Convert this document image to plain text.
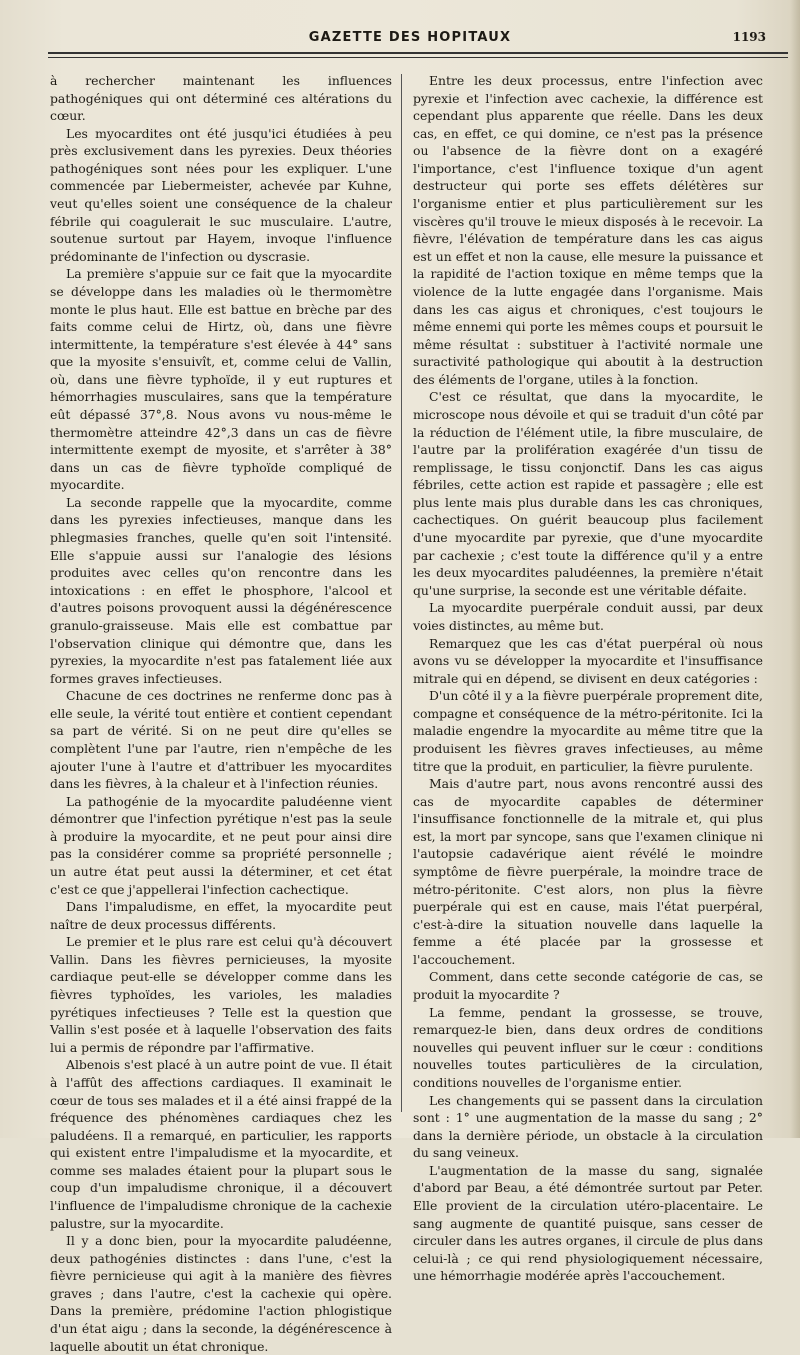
GAZETTE DES HOPITAUX	1193

à rechercher maintenant les influences pathogéniques qui ont déterminé ces altérations du cœur.

Les myocardites ont été jusqu'ici étudiées à peu près exclusivement dans les pyrexies. Deux théories pathogéniques sont nées pour les expliquer. L'une commencée par Liebermeister, achevée par Kuhne, veut qu'elles soient une conséquence de la chaleur fébrile qui coagulerait le suc musculaire. L'autre, soutenue surtout par Hayem, invoque l'influence prédominante de l'infection ou dyscrasie.

La première s'appuie sur ce fait que la myocardite se développe dans les maladies où le thermomètre monte le plus haut. Elle est battue en brèche par des faits comme celui de Hirtz, où, dans une fièvre intermittente, la température s'est élevée à 44° sans que la myosite s'ensuivît, et, comme celui de Vallin, où, dans une fièvre typhoïde, il y eut ruptures et hémorrhagies musculaires, sans que la température eût dépassé 37°,8. Nous avons vu nous-même le thermomètre atteindre 42°,3 dans un cas de fièvre intermittente exempt de myosite, et s'arrêter à 38° dans un cas de fièvre typhoïde compliqué de myocardite.

La seconde rappelle que la myocardite, comme dans les pyrexies infectieuses, manque dans les phlegmasies franches, quelle qu'en soit l'intensité. Elle s'appuie aussi sur l'analogie des lésions produites avec celles qu'on rencontre dans les intoxications : en effet le phosphore, l'alcool et d'autres poisons provoquent aussi la dégénérescence granulo-graisseuse. Mais elle est combattue par l'observation clinique qui démontre que, dans les pyrexies, la myocardite n'est pas fatalement liée aux formes graves infectieuses.

Chacune de ces doctrines ne renferme donc pas à elle seule, la vérité tout entière et contient cependant sa part de vérité. Si on ne peut dire qu'elles se complètent l'une par l'autre, rien n'empêche de les ajouter l'une à l'autre et d'attribuer les myocardites dans les fièvres, à la chaleur et à l'infection réunies.

La pathogénie de la myocardite paludéenne vient démontrer que l'infection pyrétique n'est pas la seule à produire la myocardite, et ne peut pour ainsi dire pas la considérer comme sa propriété personnelle ; un autre état peut aussi la déterminer, et cet état c'est ce que j'appellerai l'infection cachectique.

Dans l'impaludisme, en effet, la myocardite peut naître de deux processus différents.

Le premier et le plus rare est celui qu'à découvert Vallin. Dans les fièvres pernicieuses, la myosite cardiaque peut-elle se développer comme dans les fièvres typhoïdes, les varioles, les maladies pyrétiques infectieuses ? Telle est la question que Vallin s'est posée et à laquelle l'observation des faits lui a permis de répondre par l'affirmative.

Albenois s'est placé à un autre point de vue. Il était à l'affût des affections cardiaques. Il examinait le cœur de tous ses malades et il a été ainsi frappé de la fréquence des phénomènes cardiaques chez les paludéens. Il a remarqué, en particulier, les rapports qui existent entre l'impaludisme et la myocardite, et comme ses malades étaient pour la plupart sous le coup d'un impaludisme chronique, il a découvert l'influence de l'impaludisme chronique de la cachexie palustre, sur la myocardite.

Il y a donc bien, pour la myocardite paludéenne, deux pathogénies distinctes : dans l'une, c'est la fièvre pernicieuse qui agit à la manière des fièvres graves ; dans l'autre, c'est la cachexie qui opère. Dans la première, prédomine l'action phlogistique d'un état aigu ; dans la seconde, la dégénérescence à laquelle aboutit un état chronique.

Entre les deux processus, entre l'infection avec pyrexie et l'infection avec cachexie, la différence est cependant plus apparente que réelle. Dans les deux cas, en effet, ce qui domine, ce n'est pas la présence ou l'absence de la fièvre dont on a exagéré l'importance, c'est l'influence toxique d'un agent destructeur qui porte ses effets délétères sur l'organisme entier et plus particulièrement sur les viscères qu'il trouve le mieux disposés à le recevoir. La fièvre, l'élévation de température dans les cas aigus est un effet et non la cause, elle mesure la puissance et la rapidité de l'action toxique en même temps que la violence de la lutte engagée dans l'organisme. Mais dans les cas aigus et chroniques, c'est toujours le même ennemi qui porte les mêmes coups et poursuit le même résultat : substituer à l'activité normale une suractivité pathologique qui aboutit à la destruction des éléments de l'organe, utiles à la fonction.

C'est ce résultat, que dans la myocardite, le microscope nous dévoile et qui se traduit d'un côté par la réduction de l'élément utile, la fibre musculaire, de l'autre par la prolifération exagérée d'un tissu de remplissage, le tissu conjonctif. Dans les cas aigus fébriles, cette action est rapide et passagère ; elle est plus lente mais plus durable dans les cas chroniques, cachectiques. On guérit beaucoup plus facilement d'une myocardite par pyrexie, que d'une myocardite par cachexie ; c'est toute la différence qu'il y a entre les deux myocardites paludéennes, la première n'était qu'une surprise, la seconde est une véritable défaite.

La myocardite puerpérale conduit aussi, par deux voies distinctes, au même but.

Remarquez que les cas d'état puerpéral où nous avons vu se développer la myocardite et l'insuffisance mitrale qui en dépend, se divisent en deux catégories :

D'un côté il y a la fièvre puerpérale proprement dite, compagne et conséquence de la métro-péritonite. Ici la maladie engendre la myocardite au même titre que la produisent les fièvres graves infectieuses, au même titre que la produit, en particulier, la fièvre purulente.

Mais d'autre part, nous avons rencontré aussi des cas de myocardite capables de déterminer l'insuffisance fonctionnelle de la mitrale et, qui plus est, la mort par syncope, sans que l'examen clinique ni l'autopsie cadavérique aient révélé le moindre symptôme de fièvre puerpérale, la moindre trace de métro-péritonite. C'est alors, non plus la fièvre puerpérale qui est en cause, mais l'état puerpéral, c'est-à-dire la situation nouvelle dans laquelle la femme a été placée par la grossesse et l'accouchement.

Comment, dans cette seconde catégorie de cas, se produit la myocardite ?

La femme, pendant la grossesse, se trouve, remarquez-le bien, dans deux ordres de conditions nouvelles qui peuvent influer sur le cœur : conditions nouvelles toutes particulières de la circulation, conditions nouvelles de l'organisme entier.

Les changements qui se passent dans la circulation sont : 1° une augmentation de la masse du sang ; 2° dans la dernière période, un obstacle à la circulation du sang veineux.

L'augmentation de la masse du sang, signalée d'abord par Beau, a été démontrée surtout par Peter. Elle provient de la circulation utéro-placentaire. Le sang augmente de quantité puisque, sans cesser de circuler dans les autres organes, il circule de plus dans celui-là ; ce qui rend physiologiquement nécessaire, une hémorrhagie modérée après l'accouchement.
